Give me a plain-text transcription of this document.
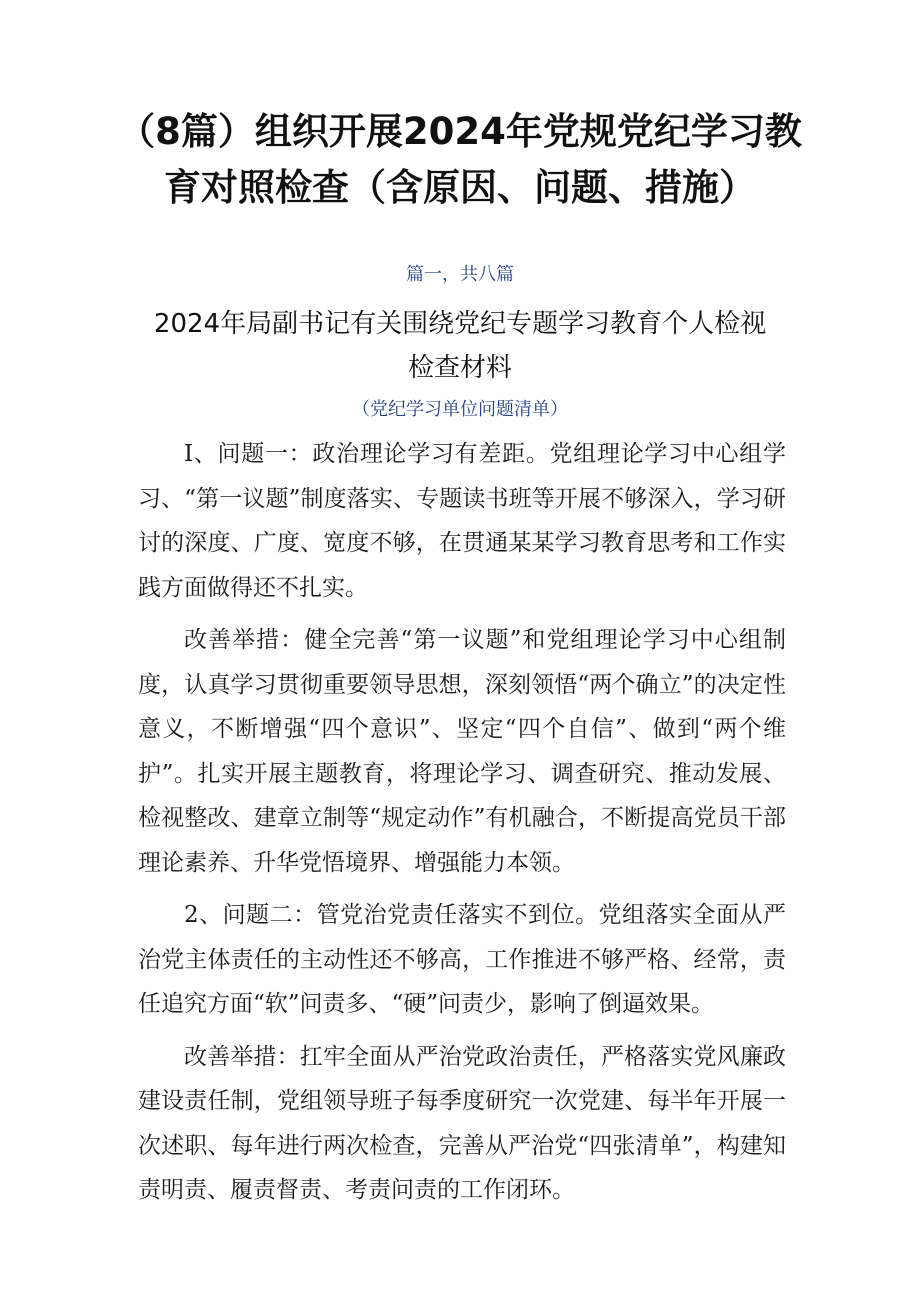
（8篇）组织开展2024年党规党纪学习教育对照检查（含原因、问题、措施）
篇一，共八篇
2024年局副书记有关围绕党纪专题学习教育个人检视检查材料
（党纪学习单位问题清单）

I、问题一：政治理论学习有差距。党组理论学习中心组学习、“第一议题”制度落实、专题读书班等开展不够深入，学习研讨的深度、广度、宽度不够，在贯通某某学习教育思考和工作实践方面做得还不扎实。

改善举措：健全完善“第一议题”和党组理论学习中心组制度，认真学习贯彻重要领导思想，深刻领悟“两个确立”的决定性意义，不断增强“四个意识”、坚定“四个自信”、做到“两个维护”。扎实开展主题教育，将理论学习、调查研究、推动发展、检视整改、建章立制等“规定动作”有机融合，不断提高党员干部理论素养、升华党悟境界、增强能力本领。

2、问题二：管党治党责任落实不到位。党组落实全面从严治党主体责任的主动性还不够高，工作推进不够严格、经常，责任追究方面“软”问责多、“硬”问责少，影响了倒逼效果。

改善举措：扛牢全面从严治党政治责任，严格落实党风廉政建设责任制，党组领导班子每季度研究一次党建、每半年开展一次述职、每年进行两次检查，完善从严治党“四张清单”，构建知责明责、履责督责、考责问责的工作闭环。
